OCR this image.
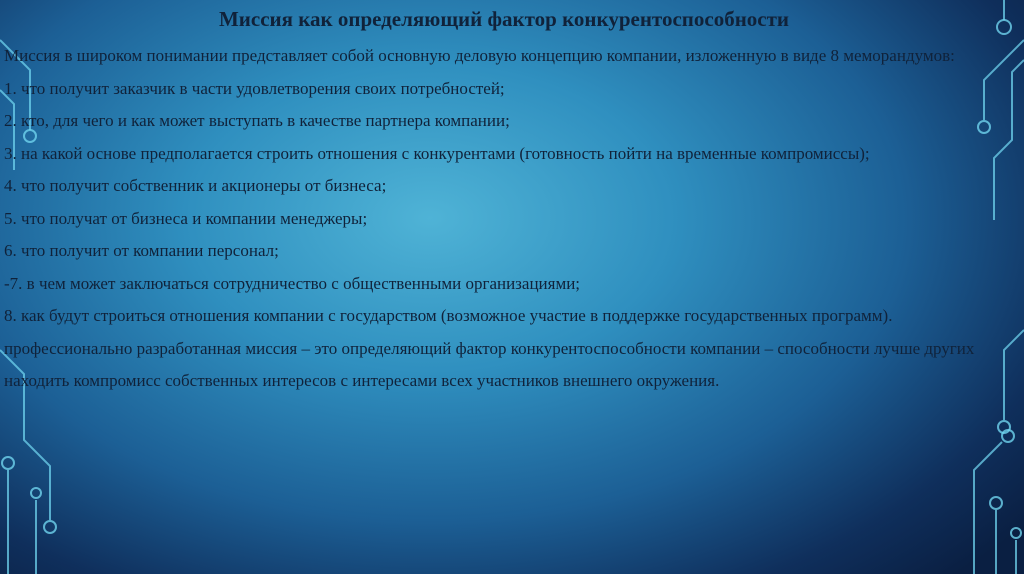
Миссия как определяющий фактор конкурентоспособности

Миссия в широком понимании представляет собой основную деловую концепцию компании, изложенную в виде 8 меморандумов:

1. что получит заказчик в части удовлетворения своих потребностей;

2. кто, для чего и как может выступать в качестве партнера компании;

3. на какой основе предполагается строить отношения с конкурентами (готовность пойти на временные компромиссы);

4. что получит собственник и акционеры от бизнеса;

5. что получат от бизнеса и компании менеджеры;

6. что получит от компании персонал;

-7. в чем может заключаться сотрудничество с общественными организациями;

8. как будут строиться отношения компании с государством (возможное участие в поддержке государственных программ).

профессионально разработанная миссия – это определяющий фактор конкурентоспособности компании – способности лучше других находить компромисс собственных интересов с интересами всех участников внешнего окружения.
